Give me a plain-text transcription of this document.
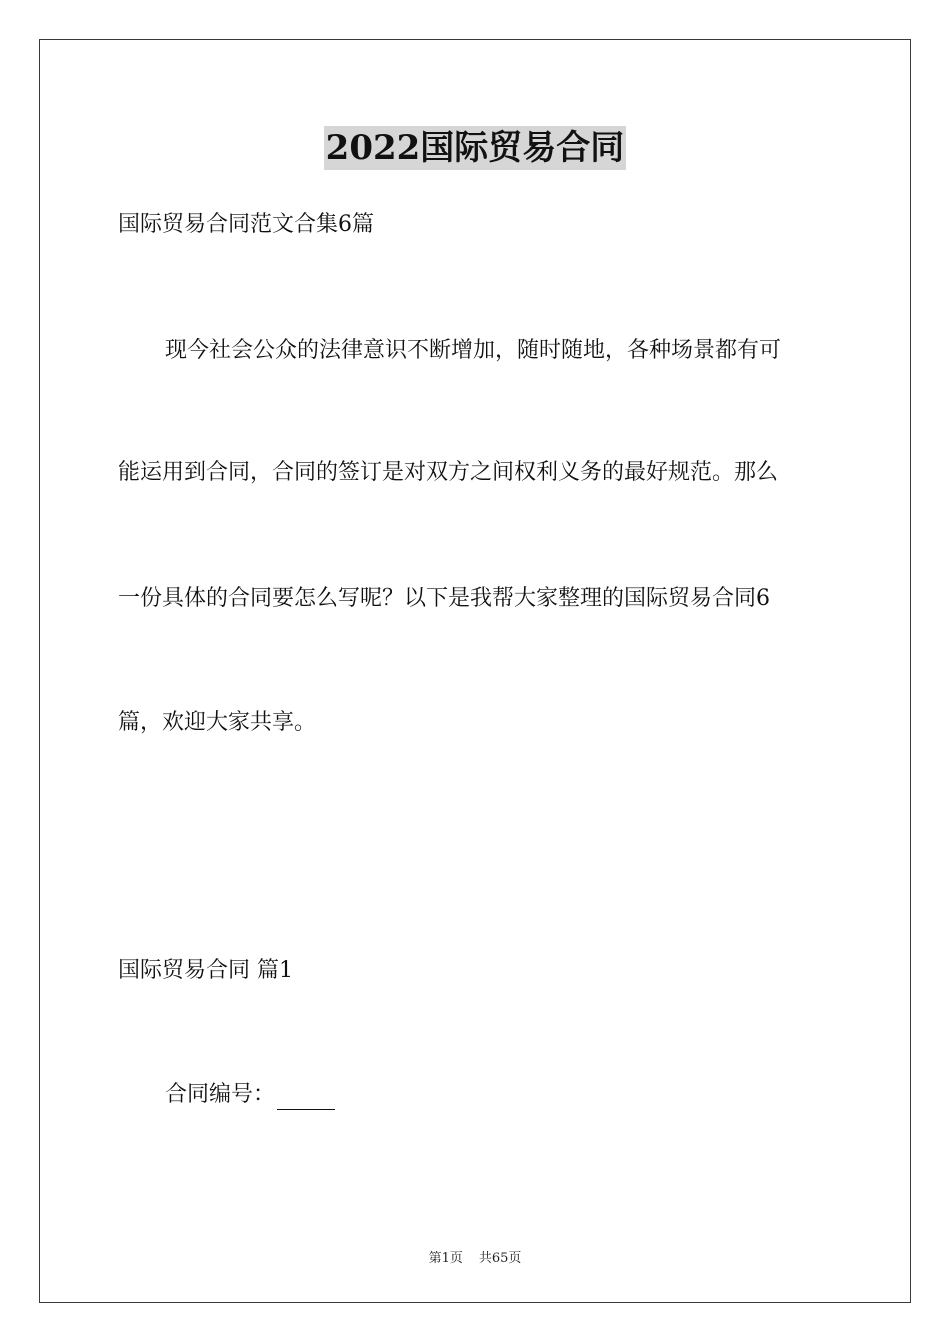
2022国际贸易合同
国际贸易合同范文合集6篇
现今社会公众的法律意识不断增加，随时随地，各种场景都有可
能运用到合同，合同的签订是对双方之间权利义务的最好规范。那么
一份具体的合同要怎么写呢？以下是我帮大家整理的国际贸易合同6
篇，欢迎大家共享。
国际贸易合同 篇1
合同编号：
第1页 共65页
